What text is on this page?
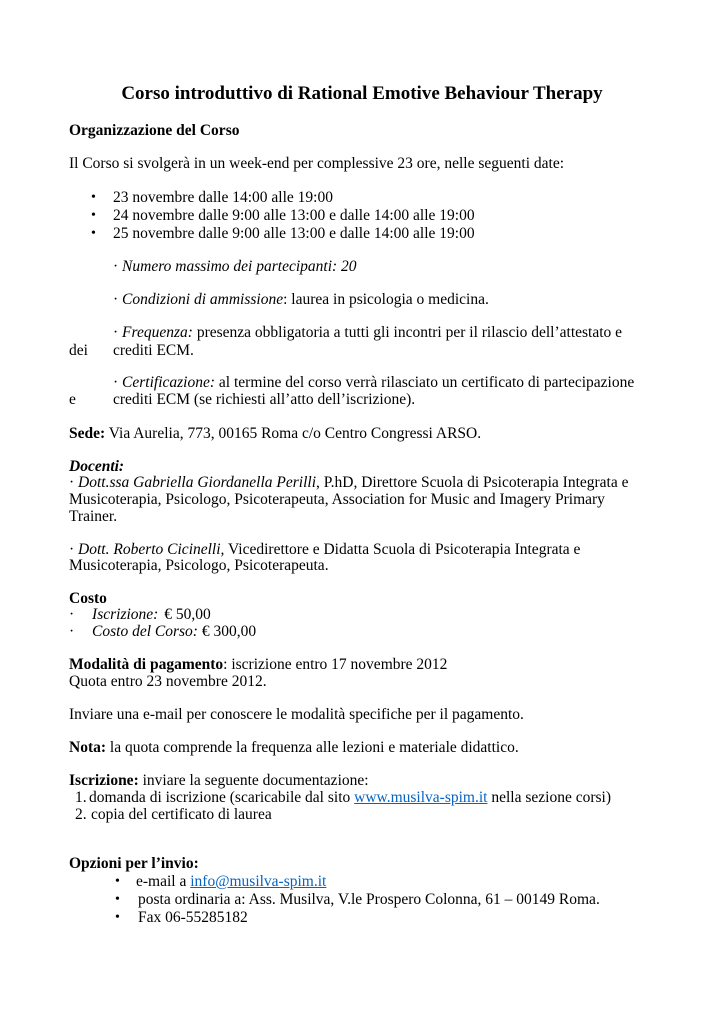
Corso introduttivo di Rational Emotive Behaviour Therapy
Organizzazione del Corso
Il Corso si svolgerà in un week-end per complessive 23 ore, nelle seguenti date:
• 23 novembre dalle 14:00 alle 19:00
• 24 novembre dalle 9:00 alle 13:00 e dalle 14:00 alle 19:00
• 25 novembre dalle 9:00 alle 13:00 e dalle 14:00 alle 19:00
· Numero massimo dei partecipanti: 20
· Condizioni di ammissione: laurea in psicologia o medicina.
· Frequenza: presenza obbligatoria a tutti gli incontri per il rilascio dell’attestato e
dei crediti ECM.
· Certificazione: al termine del corso verrà rilasciato un certificato di partecipazione
e crediti ECM (se richiesti all’atto dell’iscrizione).
Sede: Via Aurelia, 773, 00165 Roma c/o Centro Congressi ARSO.
Docenti:
· Dott.ssa Gabriella Giordanella Perilli, P.hD, Direttore Scuola di Psicoterapia Integrata e
Musicoterapia, Psicologo, Psicoterapeuta, Association for Music and Imagery Primary
Trainer.
· Dott. Roberto Cicinelli, Vicedirettore e Didatta Scuola di Psicoterapia Integrata e
Musicoterapia, Psicologo, Psicoterapeuta.
Costo
· Iscrizione: € 50,00
· Costo del Corso: € 300,00
Modalità di pagamento: iscrizione entro 17 novembre 2012
Quota entro 23 novembre 2012.
Inviare una e-mail per conoscere le modalità specifiche per il pagamento.
Nota: la quota comprende la frequenza alle lezioni e materiale didattico.
Iscrizione: inviare la seguente documentazione:
1. domanda di iscrizione (scaricabile dal sito www.musilva-spim.it nella sezione corsi)
2. copia del certificato di laurea
Opzioni per l’invio:
• e-mail a info@musilva-spim.it
• posta ordinaria a: Ass. Musilva, V.le Prospero Colonna, 61 – 00149 Roma.
• Fax 06-55285182
